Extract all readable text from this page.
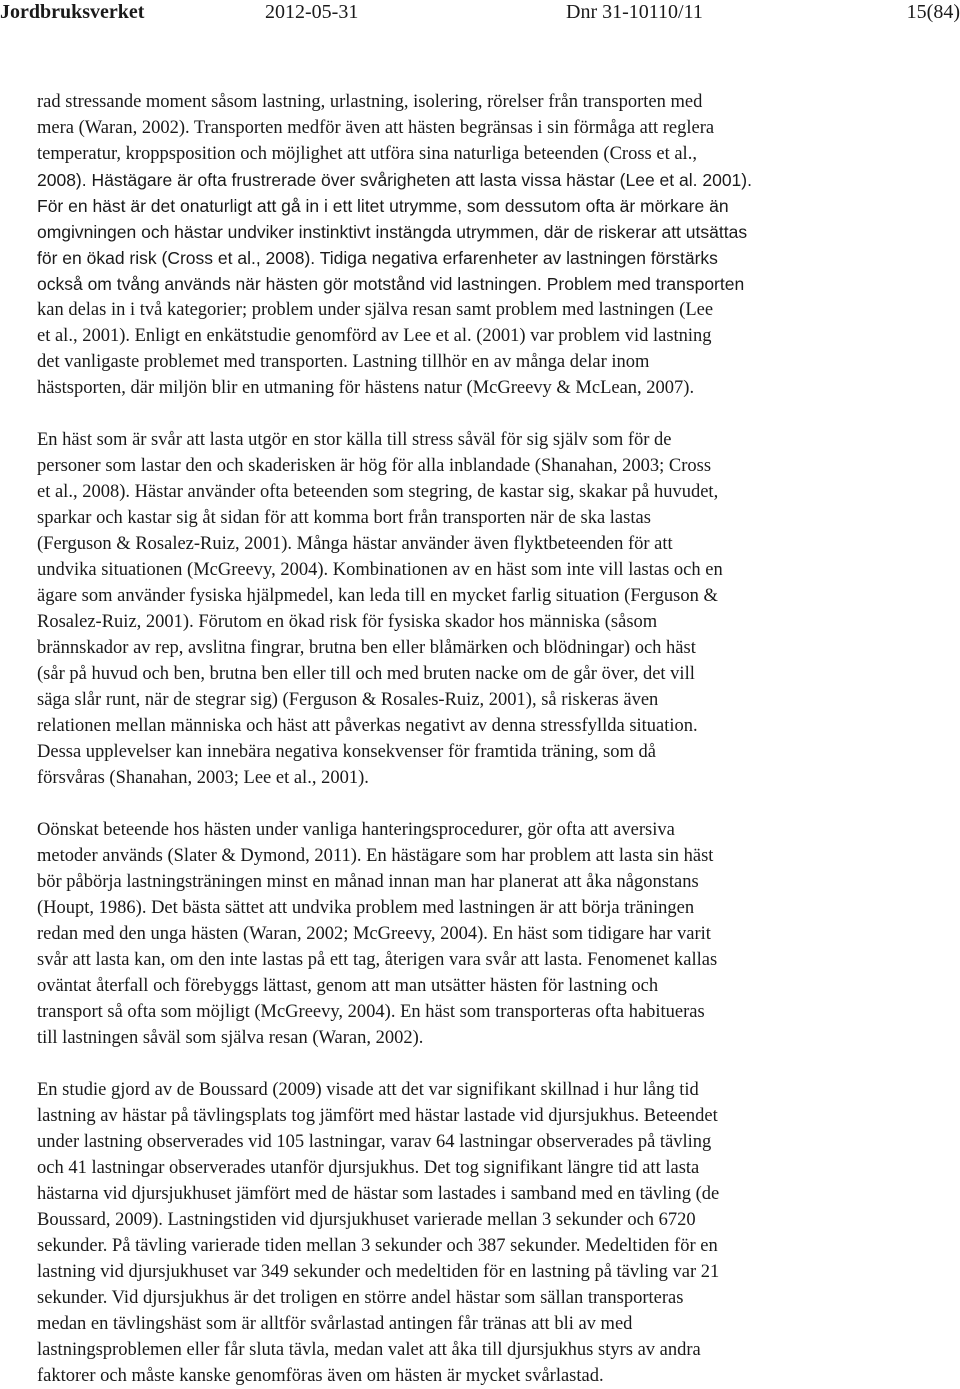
Jordbruksverket	2012-05-31	Dnr 31-10110/11	15(84)
rad stressande moment såsom lastning, urlastning, isolering, rörelser från transporten med
mera (Waran, 2002). Transporten medför även att hästen begränsas i sin förmåga att reglera
temperatur, kroppsposition och möjlighet att utföra sina naturliga beteenden (Cross et al.,
2008). Hästägare är ofta frustrerade över svårigheten att lasta vissa hästar (Lee et al. 2001).
För en häst är det onaturligt att gå in i ett litet utrymme, som dessutom ofta är mörkare än
omgivningen och hästar undviker instinktivt instängda utrymmen, där de riskerar att utsättas
för en ökad risk (Cross et al., 2008). Tidiga negativa erfarenheter av lastningen förstärks
också om tvång används när hästen gör motstånd vid lastningen. Problem med transporten
kan delas in i två kategorier; problem under själva resan samt problem med lastningen (Lee
et al., 2001). Enligt en enkätstudie genomförd av Lee et al. (2001) var problem vid lastning
det vanligaste problemet med transporten. Lastning tillhör en av många delar inom
hästsporten, där miljön blir en utmaning för hästens natur (McGreevy & McLean, 2007).
En häst som är svår att lasta utgör en stor källa till stress såväl för sig själv som för de
personer som lastar den och skaderisken är hög för alla inblandade (Shanahan, 2003; Cross
et al., 2008). Hästar använder ofta beteenden som stegring, de kastar sig, skakar på huvudet,
sparkar och kastar sig åt sidan för att komma bort från transporten när de ska lastas
(Ferguson & Rosalez-Ruiz, 2001). Många hästar använder även flyktbeteenden för att
undvika situationen (McGreevy, 2004). Kombinationen av en häst som inte vill lastas och en
ägare som använder fysiska hjälpmedel, kan leda till en mycket farlig situation (Ferguson &
Rosalez-Ruiz, 2001). Förutom en ökad risk för fysiska skador hos människa (såsom
brännskador av rep, avslitna fingrar, brutna ben eller blåmärken och blödningar) och häst
(sår på huvud och ben, brutna ben eller till och med bruten nacke om de går över, det vill
säga slår runt, när de stegrar sig) (Ferguson & Rosales-Ruiz, 2001), så riskeras även
relationen mellan människa och häst att påverkas negativt av denna stressfyllda situation.
Dessa upplevelser kan innebära negativa konsekvenser för framtida träning, som då
försvåras (Shanahan, 2003; Lee et al., 2001).
Oönskat beteende hos hästen under vanliga hanteringsprocedurer, gör ofta att aversiva
metoder används (Slater & Dymond, 2011). En hästägare som har problem att lasta sin häst
bör påbörja lastningsträningen minst en månad innan man har planerat att åka någonstans
(Houpt, 1986). Det bästa sättet att undvika problem med lastningen är att börja träningen
redan med den unga hästen (Waran, 2002; McGreevy, 2004). En häst som tidigare har varit
svår att lasta kan, om den inte lastas på ett tag, återigen vara svår att lasta. Fenomenet kallas
oväntat återfall och förebyggs lättast, genom att man utsätter hästen för lastning och
transport så ofta som möjligt (McGreevy, 2004). En häst som transporteras ofta habitueras
till lastningen såväl som själva resan (Waran, 2002).
En studie gjord av de Boussard (2009) visade att det var signifikant skillnad i hur lång tid
lastning av hästar på tävlingsplats tog jämfört med hästar lastade vid djursjukhus. Beteendet
under lastning observerades vid 105 lastningar, varav 64 lastningar observerades på tävling
och 41 lastningar observerades utanför djursjukhus. Det tog signifikant längre tid att lasta
hästarna vid djursjukhuset jämfört med de hästar som lastades i samband med en tävling (de
Boussard, 2009). Lastningstiden vid djursjukhuset varierade mellan 3 sekunder och 6720
sekunder. På tävling varierade tiden mellan 3 sekunder och 387 sekunder. Medeltiden för en
lastning vid djursjukhuset var 349 sekunder och medeltiden för en lastning på tävling var 21
sekunder. Vid djursjukhus är det troligen en större andel hästar som sällan transporteras
medan en tävlingshäst som är alltför svårlastad antingen får tränas att bli av med
lastningsproblemen eller får sluta tävla, medan valet att åka till djursjukhus styrs av andra
faktorer och måste kanske genomföras även om hästen är mycket svårlastad.
